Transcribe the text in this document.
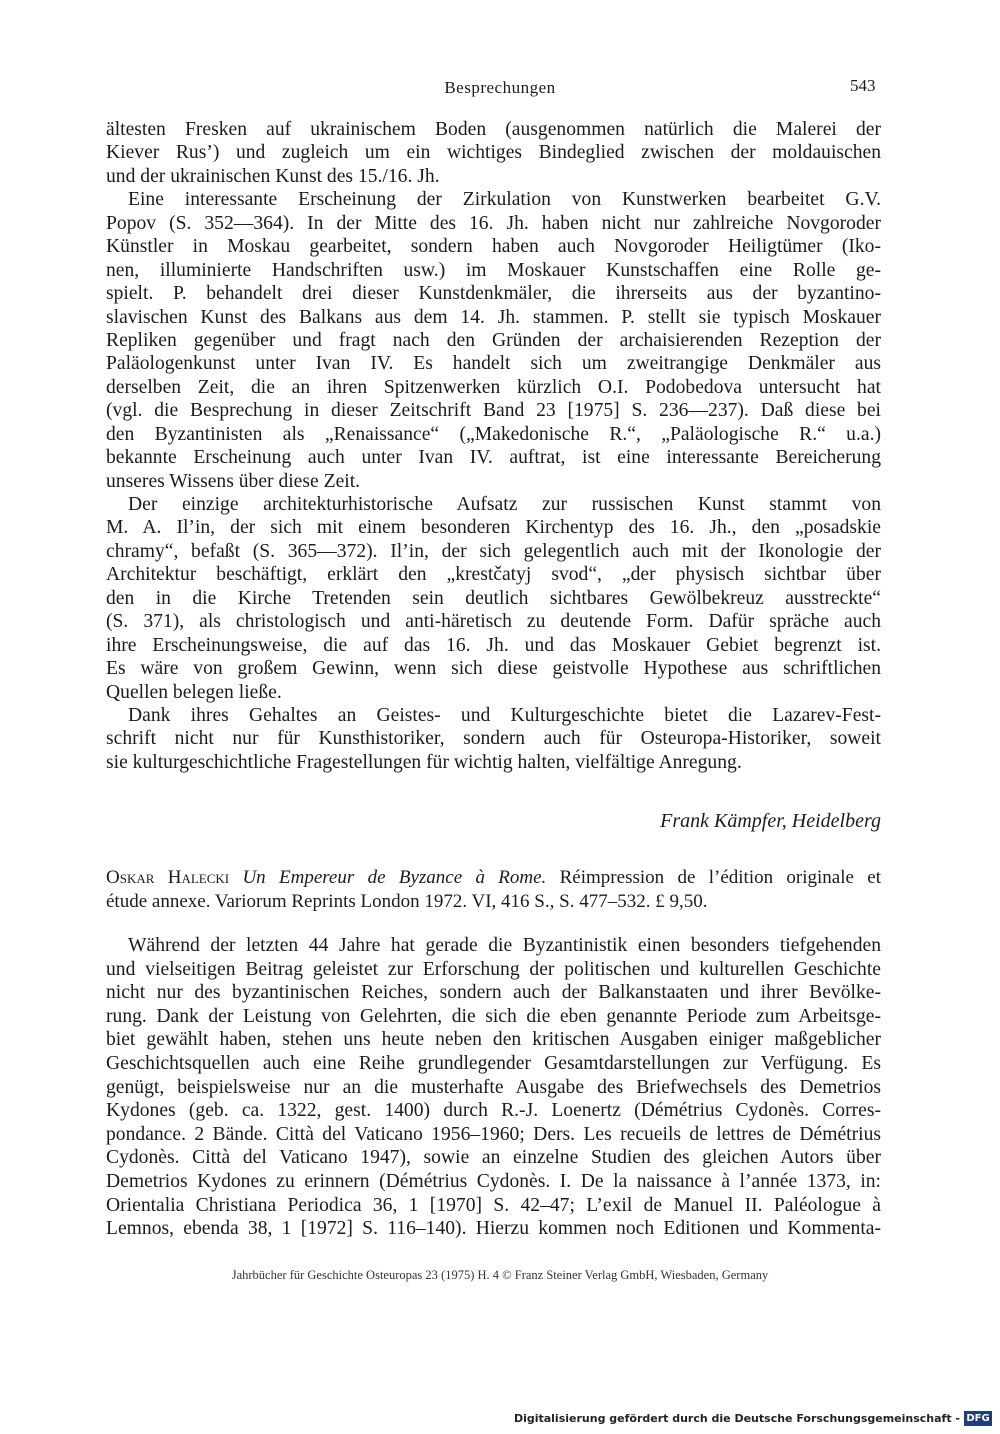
Besprechungen	543
ältesten Fresken auf ukrainischem Boden (ausgenommen natürlich die Malerei der
Kiever Rus’) und zugleich um ein wichtiges Bindeglied zwischen der moldauischen
und der ukrainischen Kunst des 15./16. Jh.
Eine interessante Erscheinung der Zirkulation von Kunstwerken bearbeitet G.V.
Popov (S. 352—364). In der Mitte des 16. Jh. haben nicht nur zahlreiche Novgoroder
Künstler in Moskau gearbeitet, sondern haben auch Novgoroder Heiligtümer (Iko-
nen, illuminierte Handschriften usw.) im Moskauer Kunstschaffen eine Rolle ge-
spielt. P. behandelt drei dieser Kunstdenkmäler, die ihrerseits aus der byzantino-
slavischen Kunst des Balkans aus dem 14. Jh. stammen. P. stellt sie typisch Moskauer
Repliken gegenüber und fragt nach den Gründen der archaisierenden Rezeption der
Paläologenkunst unter Ivan IV. Es handelt sich um zweitrangige Denkmäler aus
derselben Zeit, die an ihren Spitzenwerken kürzlich O.I. Podobedova untersucht hat
(vgl. die Besprechung in dieser Zeitschrift Band 23 [1975] S. 236—237). Daß diese bei
den Byzantinisten als „Renaissance“ („Makedonische R.“, „Paläologische R.“ u.a.)
bekannte Erscheinung auch unter Ivan IV. auftrat, ist eine interessante Bereicherung
unseres Wissens über diese Zeit.
Der einzige architekturhistorische Aufsatz zur russischen Kunst stammt von
M. A. Il’in, der sich mit einem besonderen Kirchentyp des 16. Jh., den „posadskie
chramy“, befaßt (S. 365—372). Il’in, der sich gelegentlich auch mit der Ikonologie der
Architektur beschäftigt, erklärt den „krestčatyj svod“, „der physisch sichtbar über
den in die Kirche Tretenden sein deutlich sichtbares Gewölbekreuz ausstreckte“
(S. 371), als christologisch und anti-häretisch zu deutende Form. Dafür spräche auch
ihre Erscheinungsweise, die auf das 16. Jh. und das Moskauer Gebiet begrenzt ist.
Es wäre von großem Gewinn, wenn sich diese geistvolle Hypothese aus schriftlichen
Quellen belegen ließe.
Dank ihres Gehaltes an Geistes- und Kulturgeschichte bietet die Lazarev-Fest-
schrift nicht nur für Kunsthistoriker, sondern auch für Osteuropa-Historiker, soweit
sie kulturgeschichtliche Fragestellungen für wichtig halten, vielfältige Anregung.
Frank Kämpfer, Heidelberg
Oskar Halecki Un Empereur de Byzance à Rome. Réimpression de l’édition originale et
étude annexe. Variorum Reprints London 1972. VI, 416 S., S. 477–532. £ 9,50.
Während der letzten 44 Jahre hat gerade die Byzantinistik einen besonders tiefgehenden
und vielseitigen Beitrag geleistet zur Erforschung der politischen und kulturellen Geschichte
nicht nur des byzantinischen Reiches, sondern auch der Balkanstaaten und ihrer Bevölke-
rung. Dank der Leistung von Gelehrten, die sich die eben genannte Periode zum Arbeitsge-
biet gewählt haben, stehen uns heute neben den kritischen Ausgaben einiger maßgeblicher
Geschichtsquellen auch eine Reihe grundlegender Gesamtdarstellungen zur Verfügung. Es
genügt, beispielsweise nur an die musterhafte Ausgabe des Briefwechsels des Demetrios
Kydones (geb. ca. 1322, gest. 1400) durch R.-J. Loenertz (Démétrius Cydonès. Corres-
pondance. 2 Bände. Città del Vaticano 1956–1960; Ders. Les recueils de lettres de Démétrius
Cydonès. Città del Vaticano 1947), sowie an einzelne Studien des gleichen Autors über
Demetrios Kydones zu erinnern (Démétrius Cydonès. I. De la naissance à l’année 1373, in:
Orientalia Christiana Periodica 36, 1 [1970] S. 42–47; L’exil de Manuel II. Paléologue à
Lemnos, ebenda 38, 1 [1972] S. 116–140). Hierzu kommen noch Editionen und Kommenta-
Jahrbücher für Geschichte Osteuropas 23 (1975) H. 4 © Franz Steiner Verlag GmbH, Wiesbaden, Germany
Digitalisierung gefördert durch die Deutsche Forschungsgemeinschaft - DFG
